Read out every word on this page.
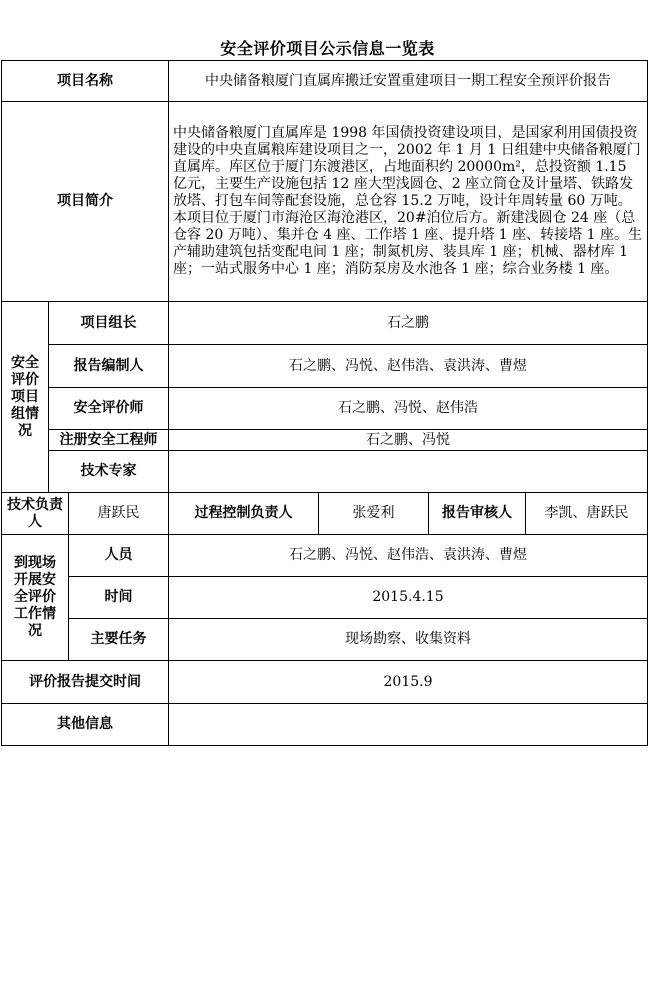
安全评价项目公示信息一览表
项目名称			中央储备粮厦门直属库搬迁安置重建项目一期工程安全预评价报告		
项目简介			中央储备粮厦门直属库是 1998 年国债投资建设项目，是国家利用国债投资建设的中央直属粮库建设项目之一，2002 年 1 月 1 日组建中央储备粮厦门直属库。库区位于厦门东渡港区，占地面积约 20000m²，总投资额 1.15 亿元，主要生产设施包括 12 座大型浅圆仓、2 座立筒仓及计量塔、铁路发放塔、打包车间等配套设施，总仓容 15.2 万吨，设计年周转量 60 万吨。

本项目位于厦门市海沧区海沧港区，20#泊位后方。新建浅圆仓 24 座（总仓容 20 万吨）、集并仓 4 座、工作塔 1 座、提升塔 1 座、转接塔 1 座。生产辅助建筑包括变配电间 1 座；制氮机房、装具库 1 座；机械、器材库 1 座；一站式服务中心 1 座；消防泵房及水池各 1 座；综合业务楼 1 座。		

安全评价项目组情况	项目组长		石之鹏		
	报告编制人		石之鹏、冯悦、赵伟浩、袁洪涛、曹煜		
	安全评价师		石之鹏、冯悦、赵伟浩		
	注册安全工程师		石之鹏、冯悦		
	技术专家				
技术负责人		唐跃民	过程控制负责人	张爱利	报告审核人 李凯、唐跃民

到现场开展安全评价工作情况		人员	石之鹏、冯悦、赵伟浩、袁洪涛、曹煜		
		时间	2015.4.15		
		主要任务	现场勘察、收集资料		
评价报告提交时间			2015.9		
其他信息					
